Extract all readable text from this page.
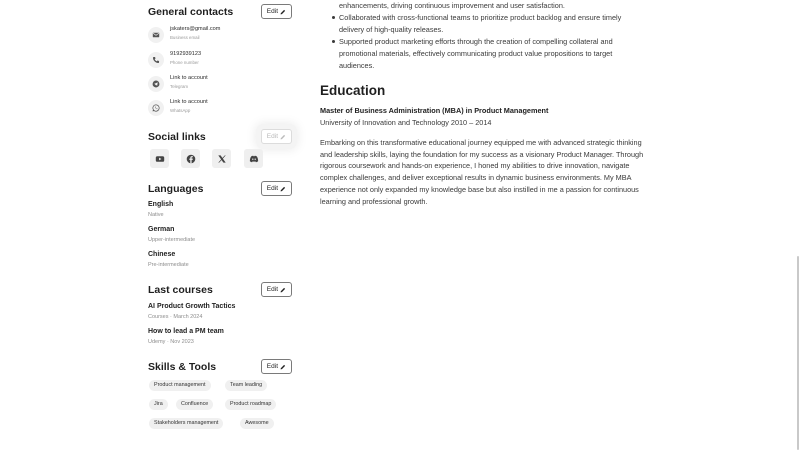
General contacts	Edit
jskaters@gmail.com
Business email
9192939123
Phone number
Link to account
Telegram
Link to account
WhatsApp
Social links	Edit
Languages	Edit
English
Native
German
Upper-intermediate
Chinese
Pre-intermediate
Last courses	Edit
AI Product Growth Tactics
Courses · March 2024
How to lead a PM team
Udemy · Nov 2023
Skills & Tools	Edit
Product management	Team leading
Jira	Confluence	Product roadmap
Stakeholders management	Awesome
enhancements, driving continuous improvement and user satisfaction.
Collaborated with cross-functional teams to prioritize product backlog and ensure timely delivery of high-quality releases.
Supported product marketing efforts through the creation of compelling collateral and promotional materials, effectively communicating product value propositions to target audiences.
Education
Master of Business Administration (MBA) in Product Management
University of Innovation and Technology 2010 – 2014
Embarking on this transformative educational journey equipped me with advanced strategic thinking and leadership skills, laying the foundation for my success as a visionary Product Manager. Through rigorous coursework and hands-on experience, I honed my abilities to drive innovation, navigate complex challenges, and deliver exceptional results in dynamic business environments. My MBA experience not only expanded my knowledge base but also instilled in me a passion for continuous learning and professional growth.
